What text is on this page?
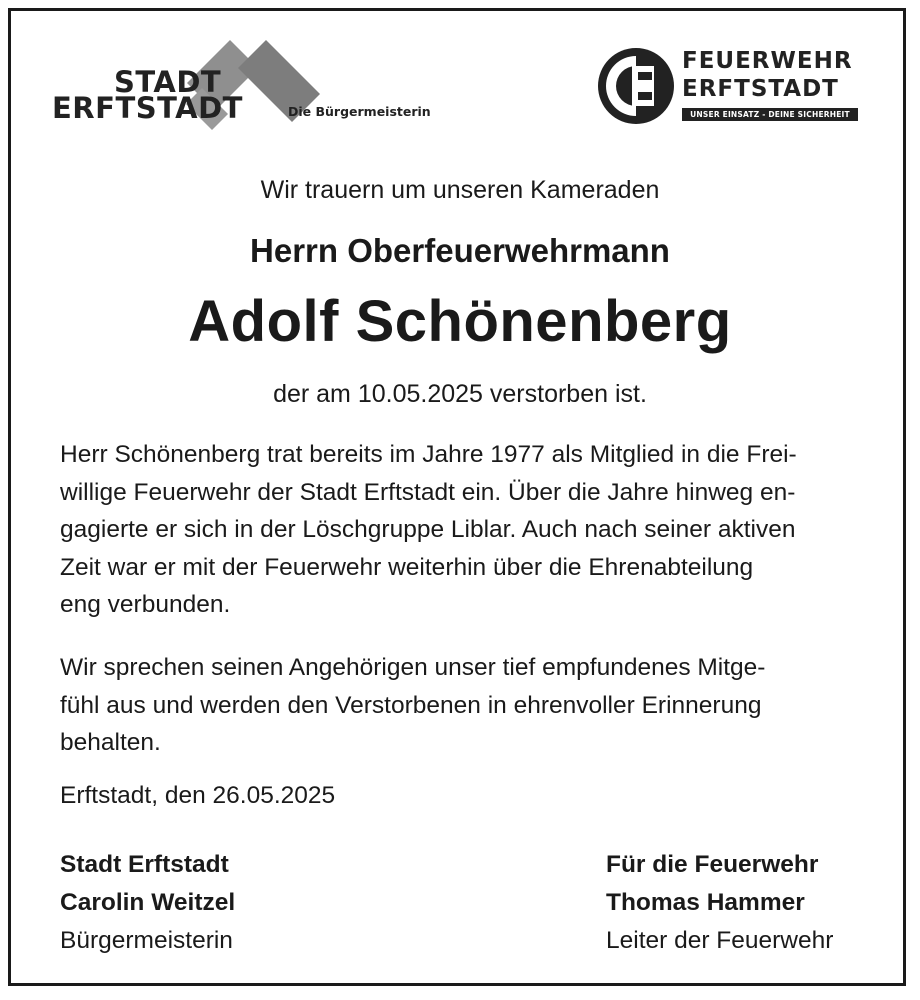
STADT
ERFTSTADT	Die Bürgermeisterin
FEUERWEHR
ERFTSTADT
UNSER EINSATZ - DEINE SICHERHEIT
Wir trauern um unseren Kameraden
Herrn Oberfeuerwehrmann
Adolf Schönenberg
der am 10.05.2025 verstorben ist.

Herr Schönenberg trat bereits im Jahre 1977 als Mitglied in die Frei-
willige Feuerwehr der Stadt Erftstadt ein. Über die Jahre hinweg en-
gagierte er sich in der Löschgruppe Liblar. Auch nach seiner aktiven
Zeit war er mit der Feuerwehr weiterhin über die Ehrenabteilung
eng verbunden.

Wir sprechen seinen Angehörigen unser tief empfundenes Mitge-
fühl aus und werden den Verstorbenen in ehrenvoller Erinnerung
behalten.

Erftstadt, den 26.05.2025
Stadt Erftstadt
Carolin Weitzel
Bürgermeisterin
Für die Feuerwehr
Thomas Hammer
Leiter der Feuerwehr
